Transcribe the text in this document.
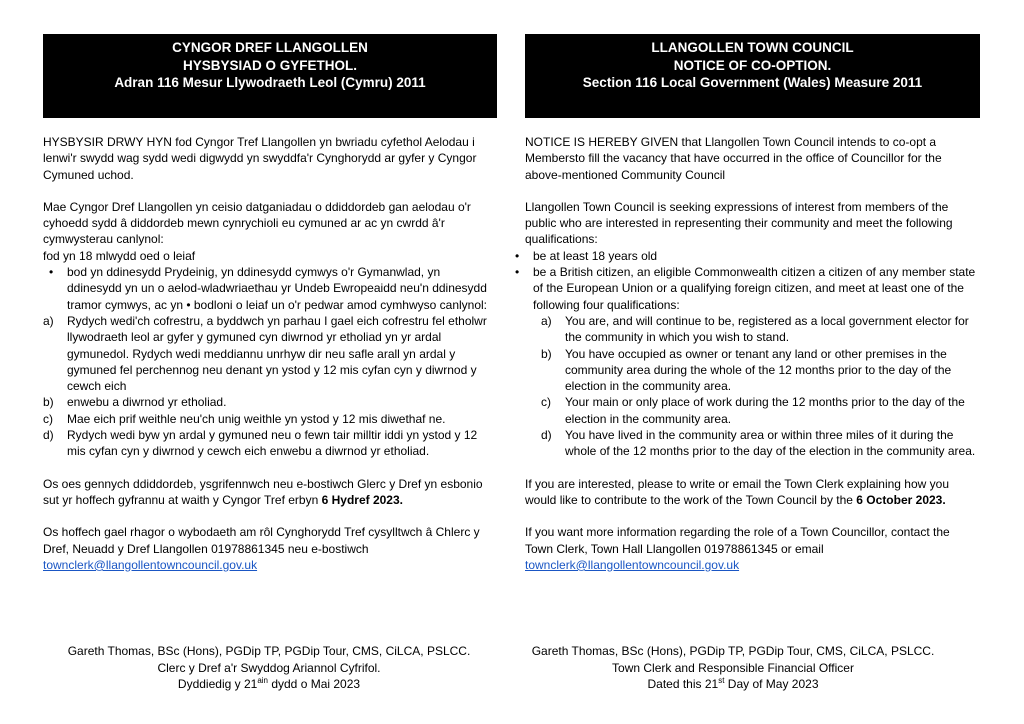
CYNGOR DREF LLANGOLLEN
HYSBYSIAD O GYFETHOL.
Adran 116 Mesur Llywodraeth Leol (Cymru) 2011

HYSBYSIR DRWY HYN fod Cyngor Tref Llangollen yn bwriadu cyfethol Aelodau i lenwi'r swydd wag sydd wedi digwydd yn swyddfa'r Cynghorydd ar gyfer y Cyngor Cymuned uchod.

Mae Cyngor Dref Llangollen yn ceisio datganiadau o ddiddordeb gan aelodau o'r cyhoedd sydd â diddordeb mewn cynrychioli eu cymuned ar ac yn cwrdd â'r cymwysterau canlynol:

fod yn 18 mlwydd oed o leiaf

• bod yn ddinesydd Prydeinig, yn ddinesydd cymwys o'r Gymanwlad, yn ddinesydd yn un o aelod-wladwriaethau yr Undeb Ewropeaidd neu'n ddinesydd tramor cymwys, ac yn • bodloni o leiaf un o'r pedwar amod cymhwyso canlynol:
a) Rydych wedi'ch cofrestru, a byddwch yn parhau I gael eich cofrestru fel etholwr llywodraeth leol ar gyfer y gymuned cyn diwrnod yr etholiad yn yr ardal gymunedol. Rydych wedi meddiannu unrhyw dir neu safle arall yn ardal y gymuned fel perchennog neu denant yn ystod y 12 mis cyfan cyn y diwrnod y cewch eich
b) enwebu a diwrnod yr etholiad.
c) Mae eich prif weithle neu'ch unig weithle yn ystod y 12 mis diwethaf ne.
d) Rydych wedi byw yn ardal y gymuned neu o fewn tair milltir iddi yn ystod y 12 mis cyfan cyn y diwrnod y cewch eich enwebu a diwrnod yr etholiad.

Os oes gennych ddiddordeb, ysgrifennwch neu e-bostiwch Glerc y Dref yn esbonio sut yr hoffech gyfrannu at waith y Cyngor Tref erbyn 6 Hydref 2023.

Os hoffech gael rhagor o wybodaeth am rôl Cynghorydd Tref cysylltwch â Chlerc y Dref, Neuadd y Dref Llangollen 01978861345 neu e-bostiwch

townclerk@llangollentowncouncil.gov.uk

Gareth Thomas, BSc (Hons), PGDip TP, PGDip Tour, CMS, CiLCA, PSLCC.
Clerc y Dref a'r Swyddog Ariannol Cyfrifol.
Dyddiedig y $21^{ain}$ dydd o Mai 2023
LLANGOLLEN TOWN COUNCIL
NOTICE OF CO-OPTION.
Section 116 Local Government (Wales) Measure 2011

NOTICE IS HEREBY GIVEN that Llangollen Town Council intends to co-opt a Membersto fill the vacancy that have occurred in the office of Councillor for the above-mentioned Community Council

Llangollen Town Council is seeking expressions of interest from members of the public who are interested in representing their community and meet the following qualifications:

• be at least 18 years old
• be a British citizen, an eligible Commonwealth citizen a citizen of any member state of the European Union or a qualifying foreign citizen, and meet at least one of the following four qualifications:
a) You are, and will continue to be, registered as a local government elector for the community in which you wish to stand.
b) You have occupied as owner or tenant any land or other premises in the community area during the whole of the 12 months prior to the day of the election in the community area.
c) Your main or only place of work during the 12 months prior to the day of the election in the community area.
d) You have lived in the community area or within three miles of it during the whole of the 12 months prior to the day of the election in the community area.

If you are interested, please to write or email the Town Clerk explaining how you would like to contribute to the work of the Town Council by the 6 October 2023.

If you want more information regarding the role of a Town Councillor, contact the Town Clerk, Town Hall Llangollen 01978861345 or email

townclerk@llangollentowncouncil.gov.uk

Gareth Thomas, BSc (Hons), PGDip TP, PGDip Tour, CMS, CiLCA, PSLCC.
Town Clerk and Responsible Financial Officer
Dated this 21st Day of May 2023
